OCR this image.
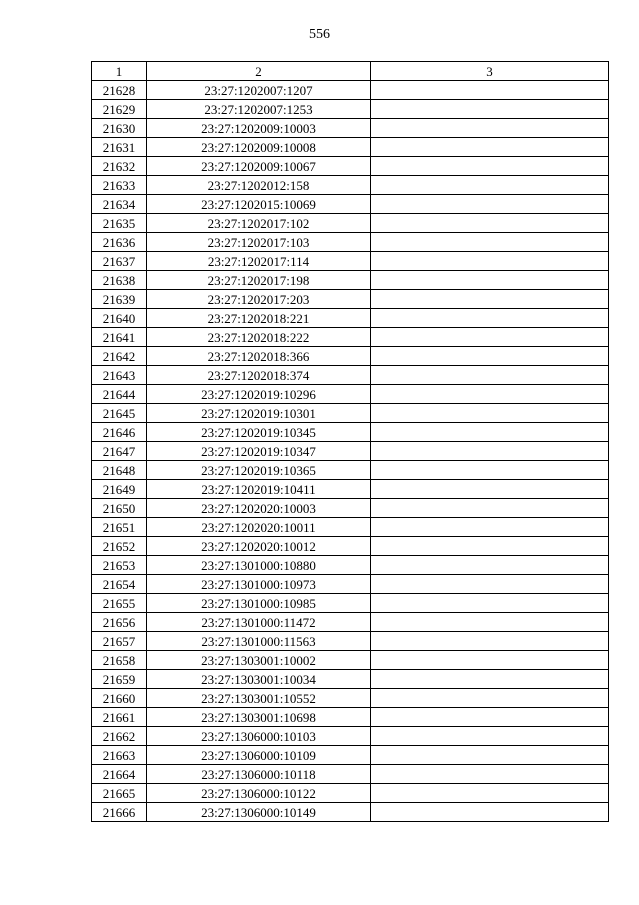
556
1	2	3
21628	23:27:1202007:1207	
21629	23:27:1202007:1253	
21630	23:27:1202009:10003	
21631	23:27:1202009:10008	
21632	23:27:1202009:10067	
21633	23:27:1202012:158	
21634	23:27:1202015:10069	
21635	23:27:1202017:102	
21636	23:27:1202017:103	
21637	23:27:1202017:114	
21638	23:27:1202017:198	
21639	23:27:1202017:203	
21640	23:27:1202018:221	
21641	23:27:1202018:222	
21642	23:27:1202018:366	
21643	23:27:1202018:374	
21644	23:27:1202019:10296	
21645	23:27:1202019:10301	
21646	23:27:1202019:10345	
21647	23:27:1202019:10347	
21648	23:27:1202019:10365	
21649	23:27:1202019:10411	
21650	23:27:1202020:10003	
21651	23:27:1202020:10011	
21652	23:27:1202020:10012	
21653	23:27:1301000:10880	
21654	23:27:1301000:10973	
21655	23:27:1301000:10985	
21656	23:27:1301000:11472	
21657	23:27:1301000:11563	
21658	23:27:1303001:10002	
21659	23:27:1303001:10034	
21660	23:27:1303001:10552	
21661	23:27:1303001:10698	
21662	23:27:1306000:10103	
21663	23:27:1306000:10109	
21664	23:27:1306000:10118	
21665	23:27:1306000:10122	
21666	23:27:1306000:10149	
